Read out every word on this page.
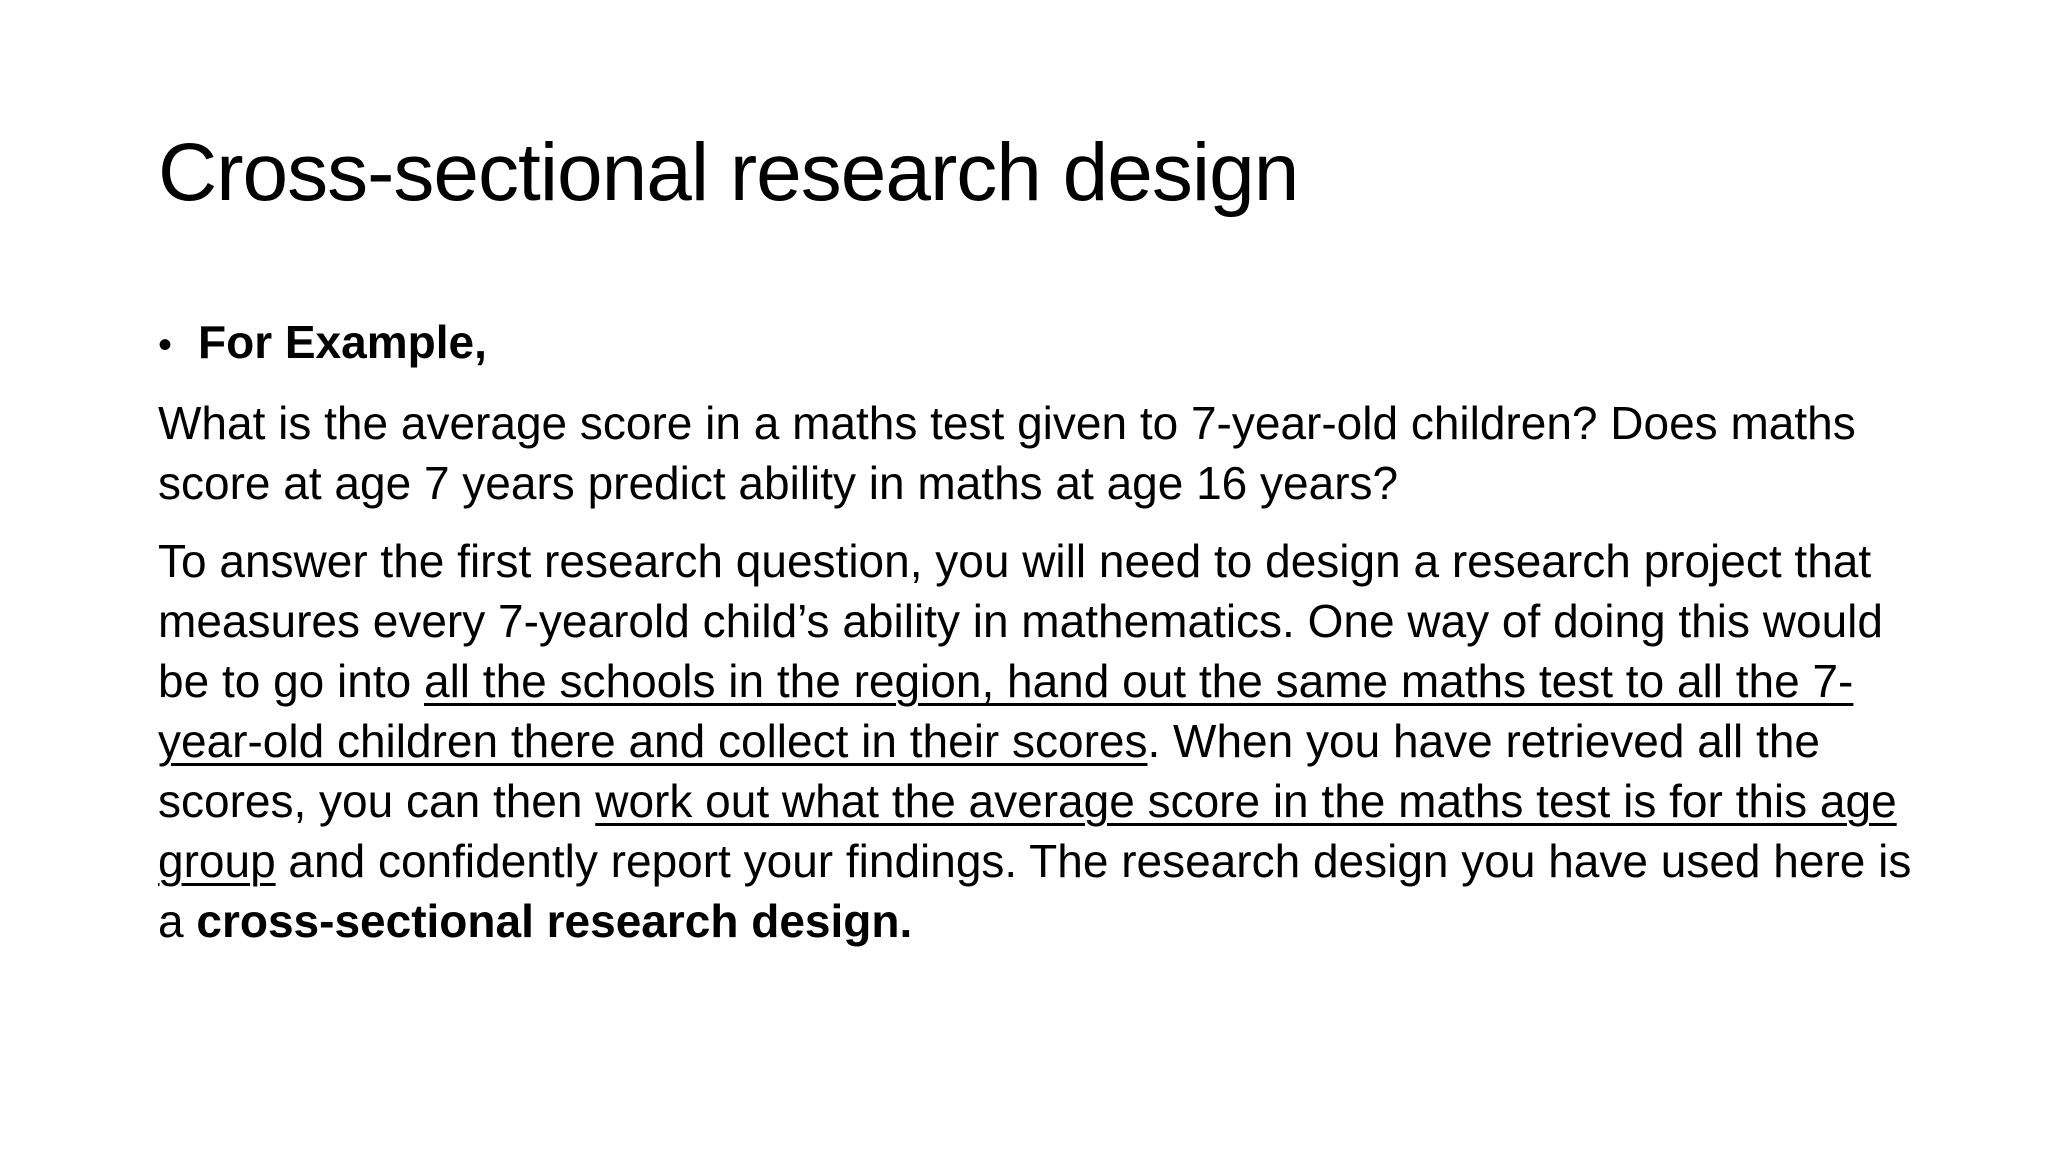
Cross-sectional research design
• For Example,

What is the average score in a maths test given to 7-year-old children? Does maths score at age 7 years predict ability in maths at age 16 years?

To answer the first research question, you will need to design a research project that measures every 7-yearold child’s ability in mathematics. One way of doing this would be to go into all the schools in the region, hand out the same maths test to all the 7-year-old children there and collect in their scores. When you have retrieved all the scores, you can then work out what the average score in the maths test is for this age group and confidently report your findings. The research design you have used here is a cross-sectional research design.
